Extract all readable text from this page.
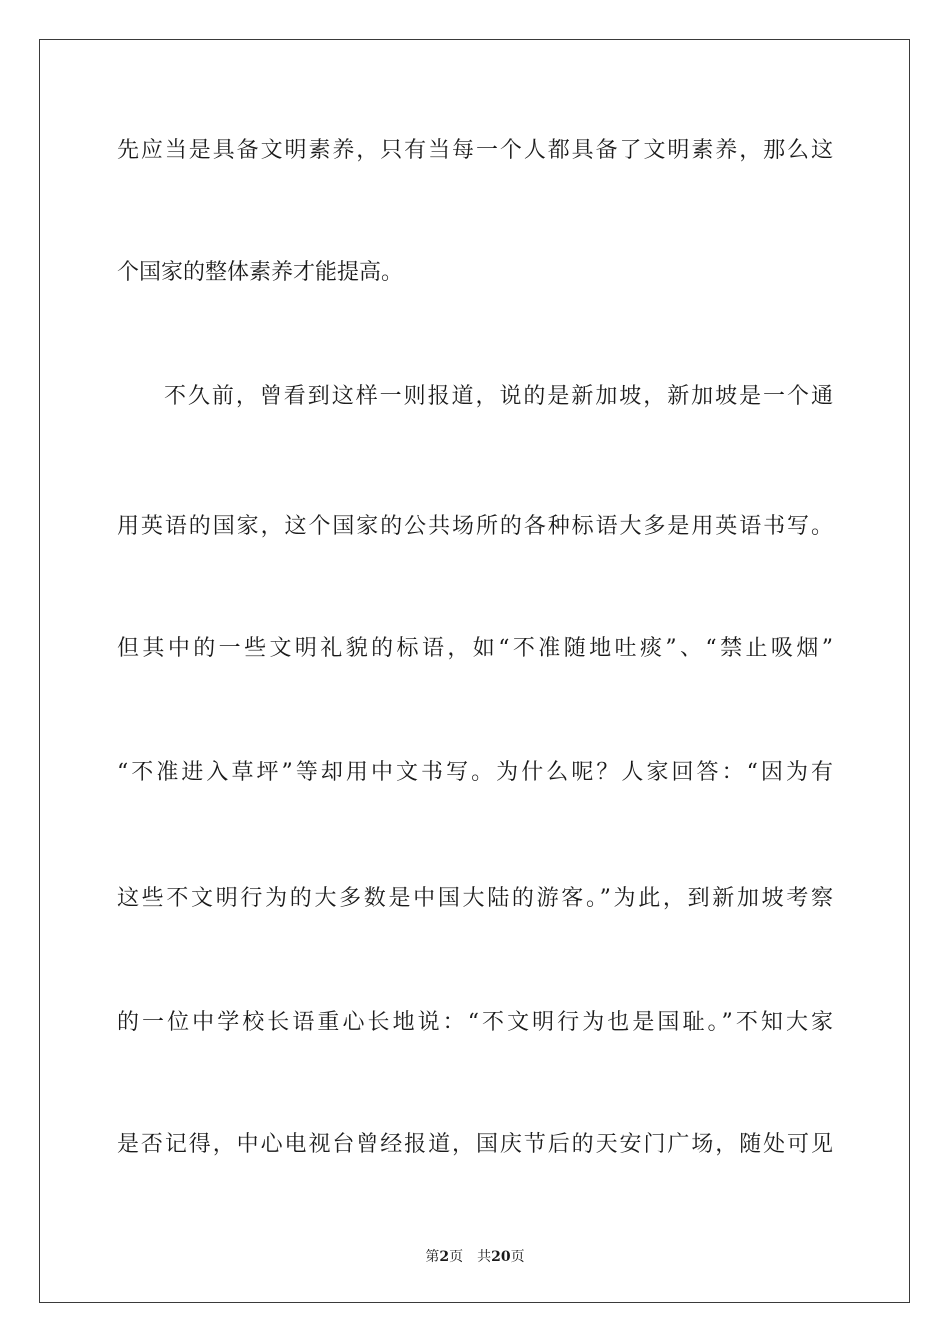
先应当是具备文明素养，只有当每一个人都具备了文明素养，那么这
个国家的整体素养才能提高。
不久前，曾看到这样一则报道，说的是新加坡，新加坡是一个通
用英语的国家，这个国家的公共场所的各种标语大多是用英语书写。
但其中的一些文明礼貌的标语，如“不准随地吐痰”、“禁止吸烟”
“不准进入草坪”等却用中文书写。为什么呢？人家回答：“因为有
这些不文明行为的大多数是中国大陆的游客。”为此，到新加坡考察
的一位中学校长语重心长地说：“不文明行为也是国耻。”不知大家
是否记得，中心电视台曾经报道，国庆节后的天安门广场，随处可见
第2页 共20页
